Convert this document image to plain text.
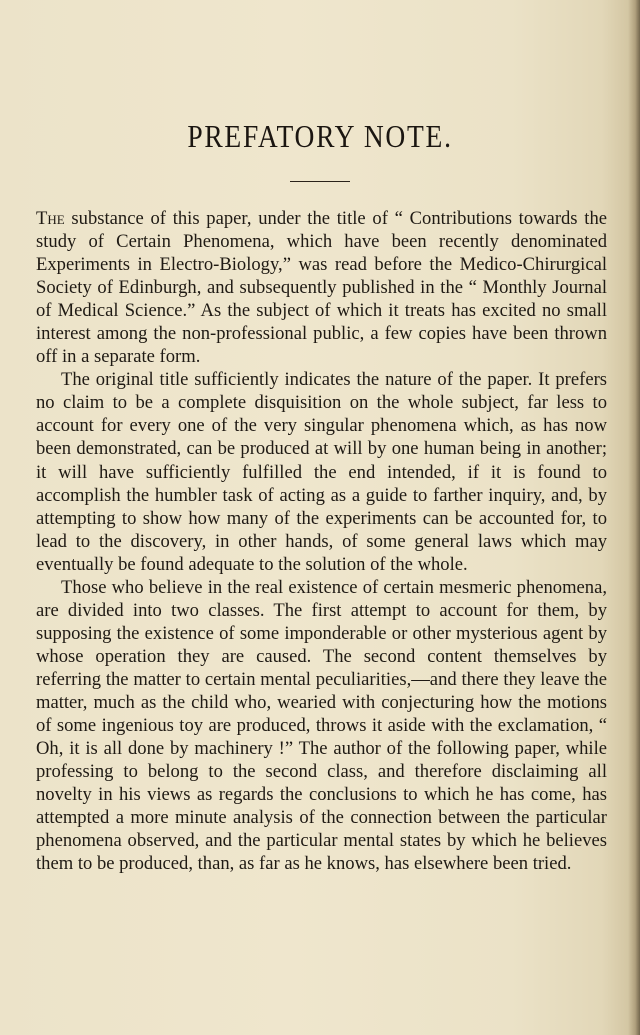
PREFATORY NOTE.

The substance of this paper, under the title of “ Contributions towards the study of Certain Phenomena, which have been recently denominated Experiments in Electro-Biology,” was read before the Medico-Chirurgical Society of Edinburgh, and subsequently published in the “ Monthly Journal of Medical Science.” As the subject of which it treats has excited no small interest among the non-professional public, a few copies have been thrown off in a separate form.

The original title sufficiently indicates the nature of the paper. It prefers no claim to be a complete disquisition on the whole subject, far less to account for every one of the very singular phenomena which, as has now been demonstrated, can be produced at will by one human being in another; it will have sufficiently fulfilled the end intended, if it is found to accomplish the humbler task of acting as a guide to farther inquiry, and, by attempting to show how many of the experiments can be accounted for, to lead to the discovery, in other hands, of some general laws which may eventually be found adequate to the solution of the whole.

Those who believe in the real existence of certain mesmeric phenomena, are divided into two classes. The first attempt to account for them, by supposing the existence of some imponderable or other mysterious agent by whose operation they are caused. The second content themselves by referring the matter to certain mental peculiarities,—and there they leave the matter, much as the child who, wearied with conjecturing how the motions of some ingenious toy are produced, throws it aside with the exclamation, “ Oh, it is all done by machinery !” The author of the following paper, while professing to belong to the second class, and therefore disclaiming all novelty in his views as regards the conclusions to which he has come, has attempted a more minute analysis of the connection between the particular phenomena observed, and the particular mental states by which he believes them to be produced, than, as far as he knows, has elsewhere been tried.
